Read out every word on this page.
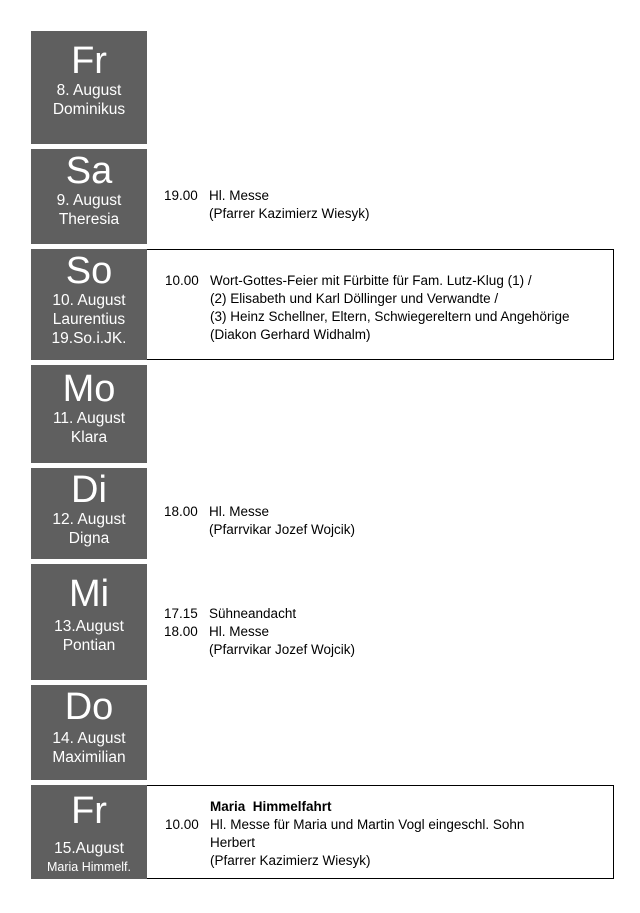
Fr
8. August
Dominikus
Sa
9. August
Theresia
19.00 Hl. Messe
(Pfarrer Kazimierz Wiesyk)
So
10. August
Laurentius
19.So.i.JK.
10.00 Wort-Gottes-Feier mit Fürbitte für Fam. Lutz-Klug (1) /
(2) Elisabeth und Karl Döllinger und Verwandte /
(3) Heinz Schellner, Eltern, Schwiegereltern und Angehörige
(Diakon Gerhard Widhalm)
Mo
11. August
Klara
Di
12. August
Digna
18.00 Hl. Messe
(Pfarrvikar Jozef Wojcik)
Mi
13.August
Pontian
17.15 Sühneandacht
18.00 Hl. Messe
(Pfarrvikar Jozef Wojcik)
Do
14. August
Maximilian
Fr
15.August
Maria Himmelf.
Maria  Himmelfahrt
10.00 Hl. Messe für Maria und Martin Vogl eingeschl. Sohn
Herbert
(Pfarrer Kazimierz Wiesyk)
